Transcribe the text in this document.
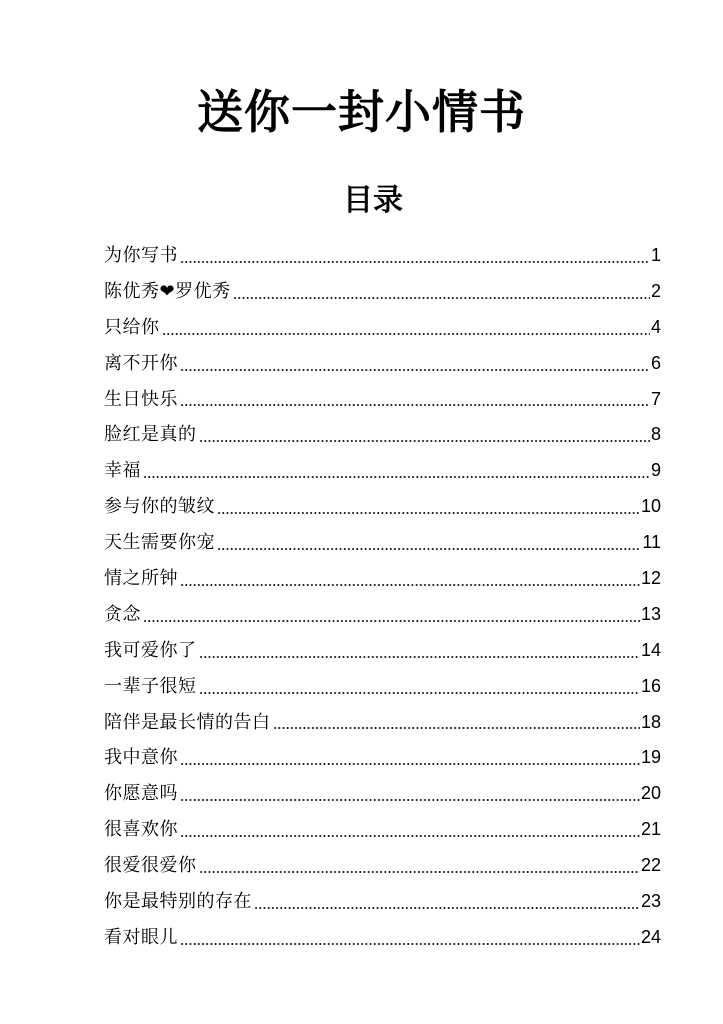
送你一封小情书
目录
为你写书	1
陈优秀❤罗优秀	2
只给你	4
离不开你	6
生日快乐	7
脸红是真的	8
幸福	9
参与你的皱纹	10
天生需要你宠	11
情之所钟	12
贪念	13
我可爱你了	14
一辈子很短	16
陪伴是最长情的告白	18
我中意你	19
你愿意吗	20
很喜欢你	21
很爱很爱你	22
你是最特别的存在	23
看对眼儿	24
